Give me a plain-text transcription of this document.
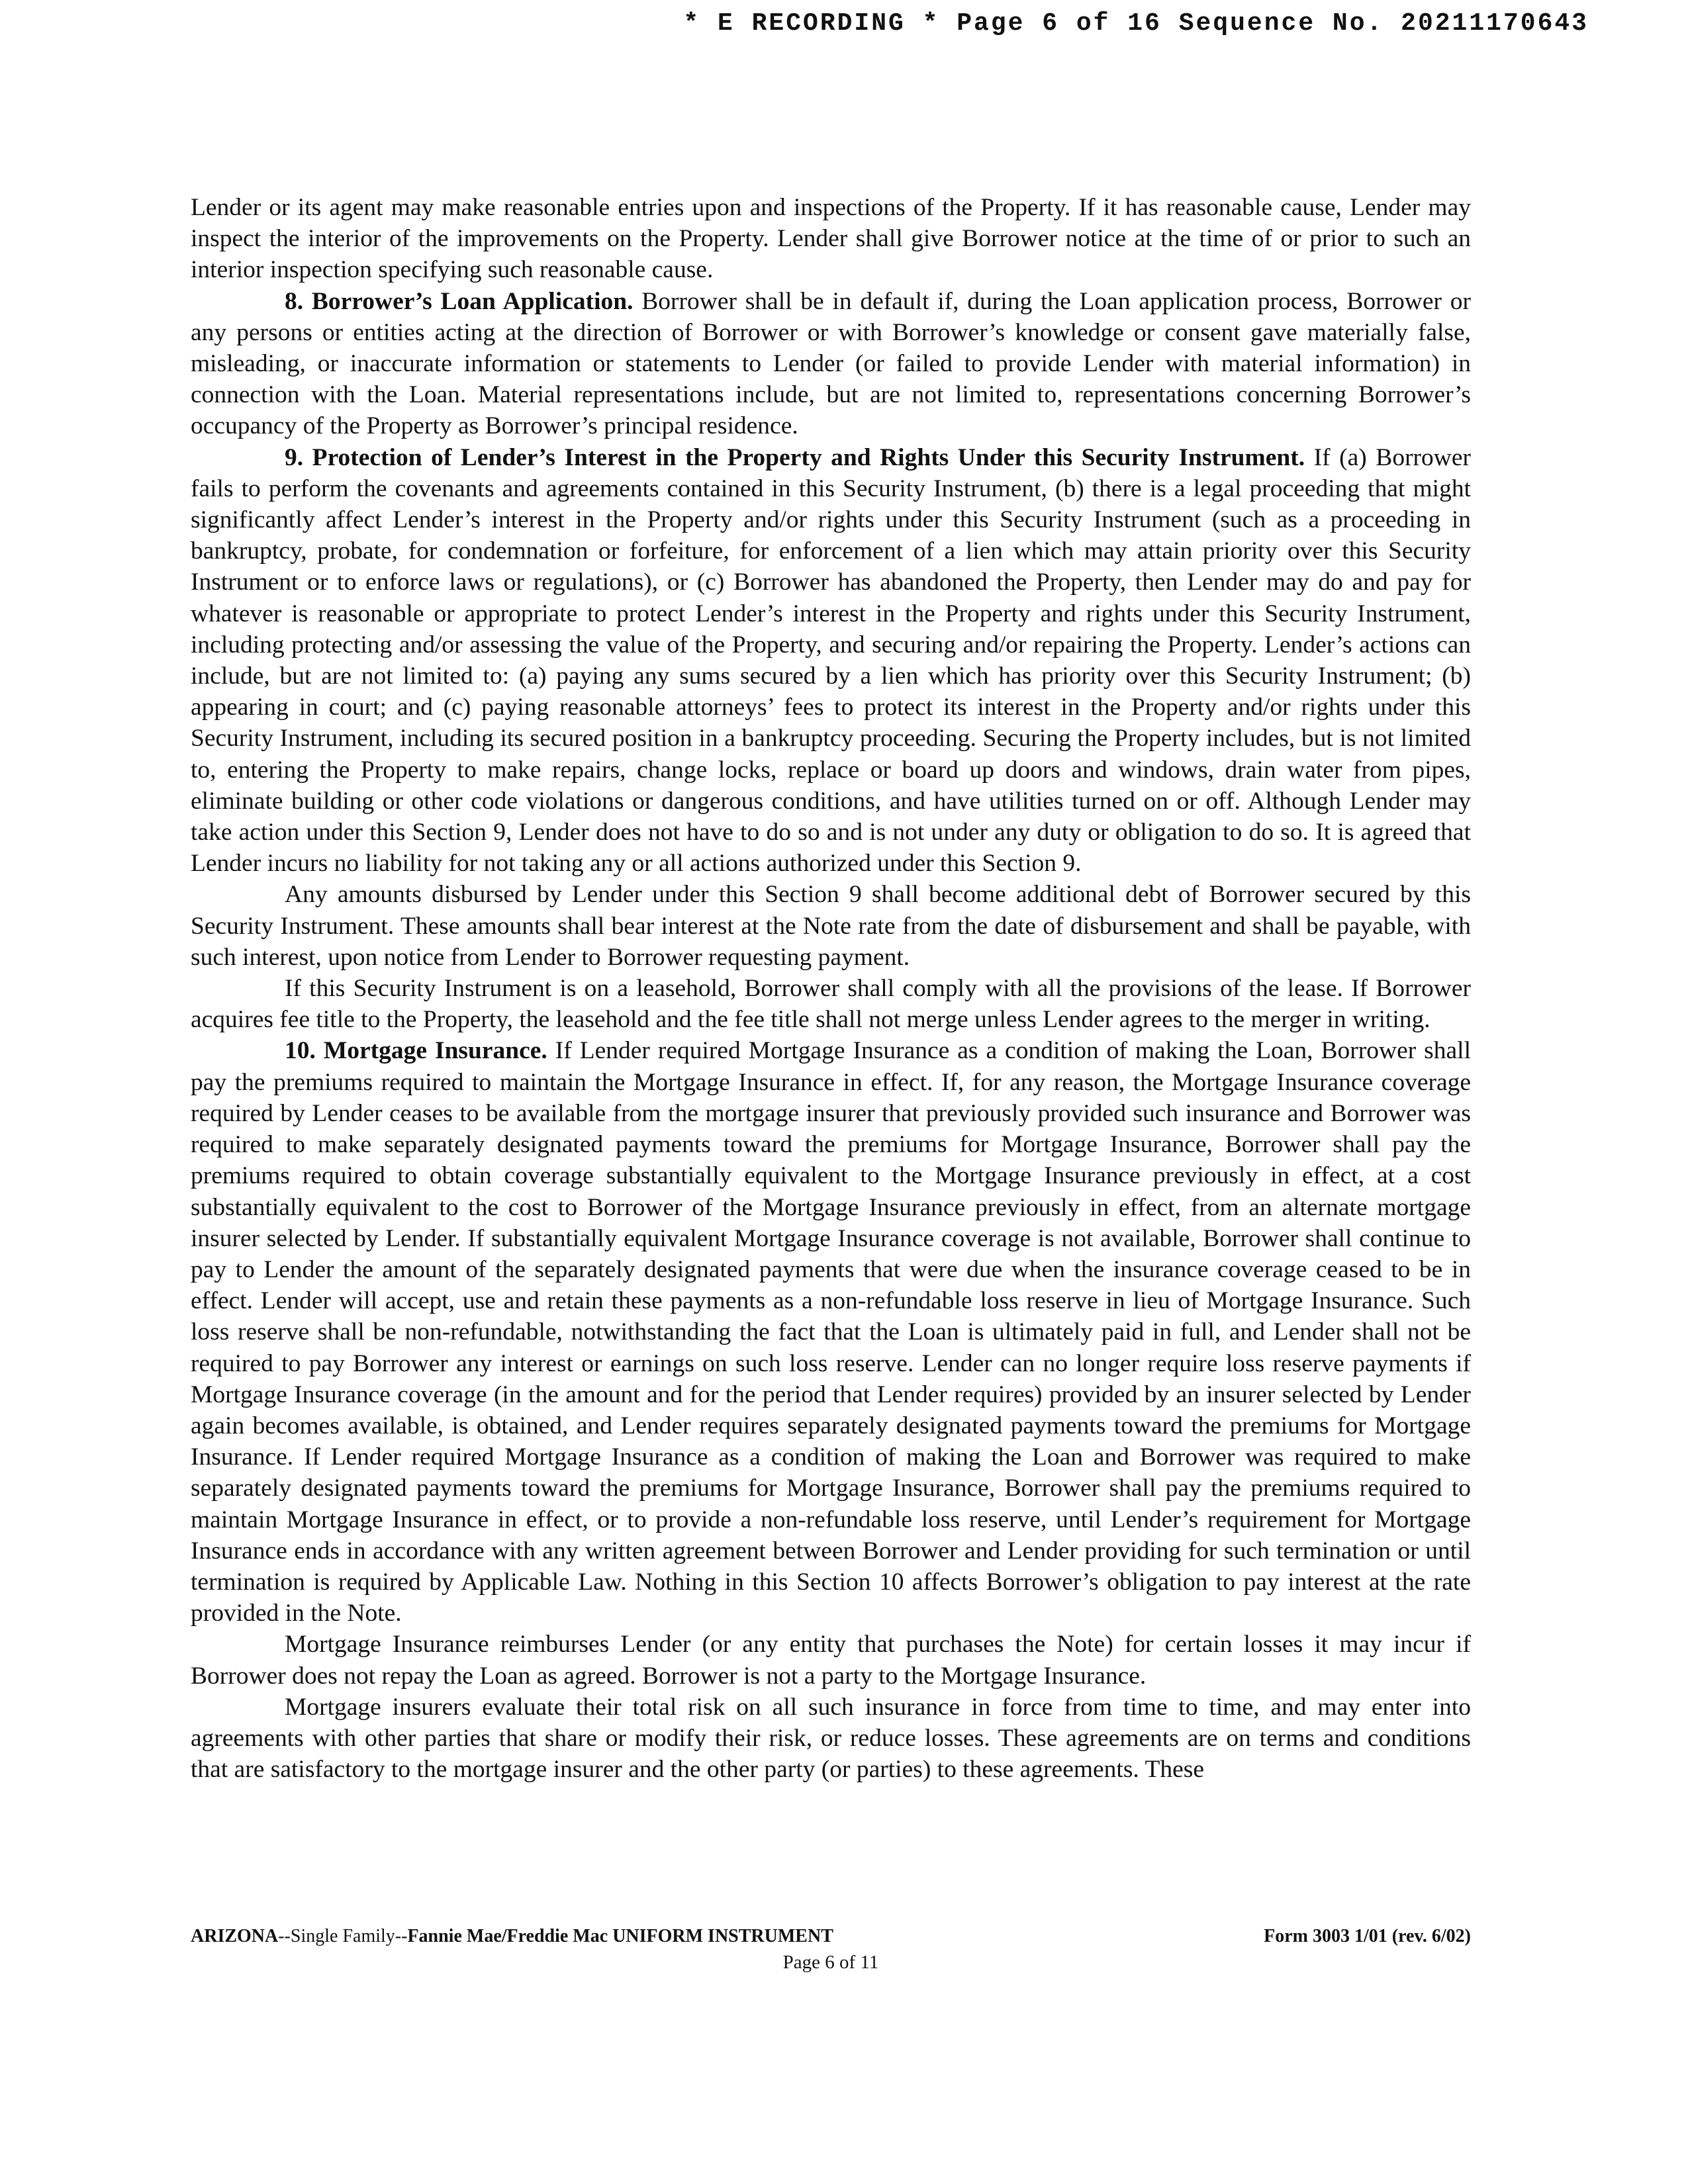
* E RECORDING * Page 6 of 16 Sequence No. 20211170643

Lender or its agent may make reasonable entries upon and inspections of the Property. If it has reasonable cause, Lender may inspect the interior of the improvements on the Property. Lender shall give Borrower notice at the time of or prior to such an interior inspection specifying such reasonable cause.

8. Borrower’s Loan Application. Borrower shall be in default if, during the Loan application process, Borrower or any persons or entities acting at the direction of Borrower or with Borrower’s knowledge or consent gave materially false, misleading, or inaccurate information or statements to Lender (or failed to provide Lender with material information) in connection with the Loan. Material representations include, but are not limited to, representations concerning Borrower’s occupancy of the Property as Borrower’s principal residence.

9. Protection of Lender’s Interest in the Property and Rights Under this Security Instrument. If (a) Borrower fails to perform the covenants and agreements contained in this Security Instrument, (b) there is a legal proceeding that might significantly affect Lender’s interest in the Property and/or rights under this Security Instrument (such as a proceeding in bankruptcy, probate, for condemnation or forfeiture, for enforcement of a lien which may attain priority over this Security Instrument or to enforce laws or regulations), or (c) Borrower has abandoned the Property, then Lender may do and pay for whatever is reasonable or appropriate to protect Lender’s interest in the Property and rights under this Security Instrument, including protecting and/or assessing the value of the Property, and securing and/or repairing the Property. Lender’s actions can include, but are not limited to: (a) paying any sums secured by a lien which has priority over this Security Instrument; (b) appearing in court; and (c) paying reasonable attorneys’ fees to protect its interest in the Property and/or rights under this Security Instrument, including its secured position in a bankruptcy proceeding. Securing the Property includes, but is not limited to, entering the Property to make repairs, change locks, replace or board up doors and windows, drain water from pipes, eliminate building or other code violations or dangerous conditions, and have utilities turned on or off. Although Lender may take action under this Section 9, Lender does not have to do so and is not under any duty or obligation to do so. It is agreed that Lender incurs no liability for not taking any or all actions authorized under this Section 9.

Any amounts disbursed by Lender under this Section 9 shall become additional debt of Borrower secured by this Security Instrument. These amounts shall bear interest at the Note rate from the date of disbursement and shall be payable, with such interest, upon notice from Lender to Borrower requesting payment.

If this Security Instrument is on a leasehold, Borrower shall comply with all the provisions of the lease. If Borrower acquires fee title to the Property, the leasehold and the fee title shall not merge unless Lender agrees to the merger in writing.

10. Mortgage Insurance. If Lender required Mortgage Insurance as a condition of making the Loan, Borrower shall pay the premiums required to maintain the Mortgage Insurance in effect. If, for any reason, the Mortgage Insurance coverage required by Lender ceases to be available from the mortgage insurer that previously provided such insurance and Borrower was required to make separately designated payments toward the premiums for Mortgage Insurance, Borrower shall pay the premiums required to obtain coverage substantially equivalent to the Mortgage Insurance previously in effect, at a cost substantially equivalent to the cost to Borrower of the Mortgage Insurance previously in effect, from an alternate mortgage insurer selected by Lender. If substantially equivalent Mortgage Insurance coverage is not available, Borrower shall continue to pay to Lender the amount of the separately designated payments that were due when the insurance coverage ceased to be in effect. Lender will accept, use and retain these payments as a non-refundable loss reserve in lieu of Mortgage Insurance. Such loss reserve shall be non-refundable, notwithstanding the fact that the Loan is ultimately paid in full, and Lender shall not be required to pay Borrower any interest or earnings on such loss reserve. Lender can no longer require loss reserve payments if Mortgage Insurance coverage (in the amount and for the period that Lender requires) provided by an insurer selected by Lender again becomes available, is obtained, and Lender requires separately designated payments toward the premiums for Mortgage Insurance. If Lender required Mortgage Insurance as a condition of making the Loan and Borrower was required to make separately designated payments toward the premiums for Mortgage Insurance, Borrower shall pay the premiums required to maintain Mortgage Insurance in effect, or to provide a non-refundable loss reserve, until Lender’s requirement for Mortgage Insurance ends in accordance with any written agreement between Borrower and Lender providing for such termination or until termination is required by Applicable Law. Nothing in this Section 10 affects Borrower’s obligation to pay interest at the rate provided in the Note.

Mortgage Insurance reimburses Lender (or any entity that purchases the Note) for certain losses it may incur if Borrower does not repay the Loan as agreed. Borrower is not a party to the Mortgage Insurance.

Mortgage insurers evaluate their total risk on all such insurance in force from time to time, and may enter into agreements with other parties that share or modify their risk, or reduce losses. These agreements are on terms and conditions that are satisfactory to the mortgage insurer and the other party (or parties) to these agreements. These

ARIZONA--Single Family--Fannie Mae/Freddie Mac UNIFORM INSTRUMENT	Form 3003 1/01 (rev. 6/02)
Page 6 of 11
